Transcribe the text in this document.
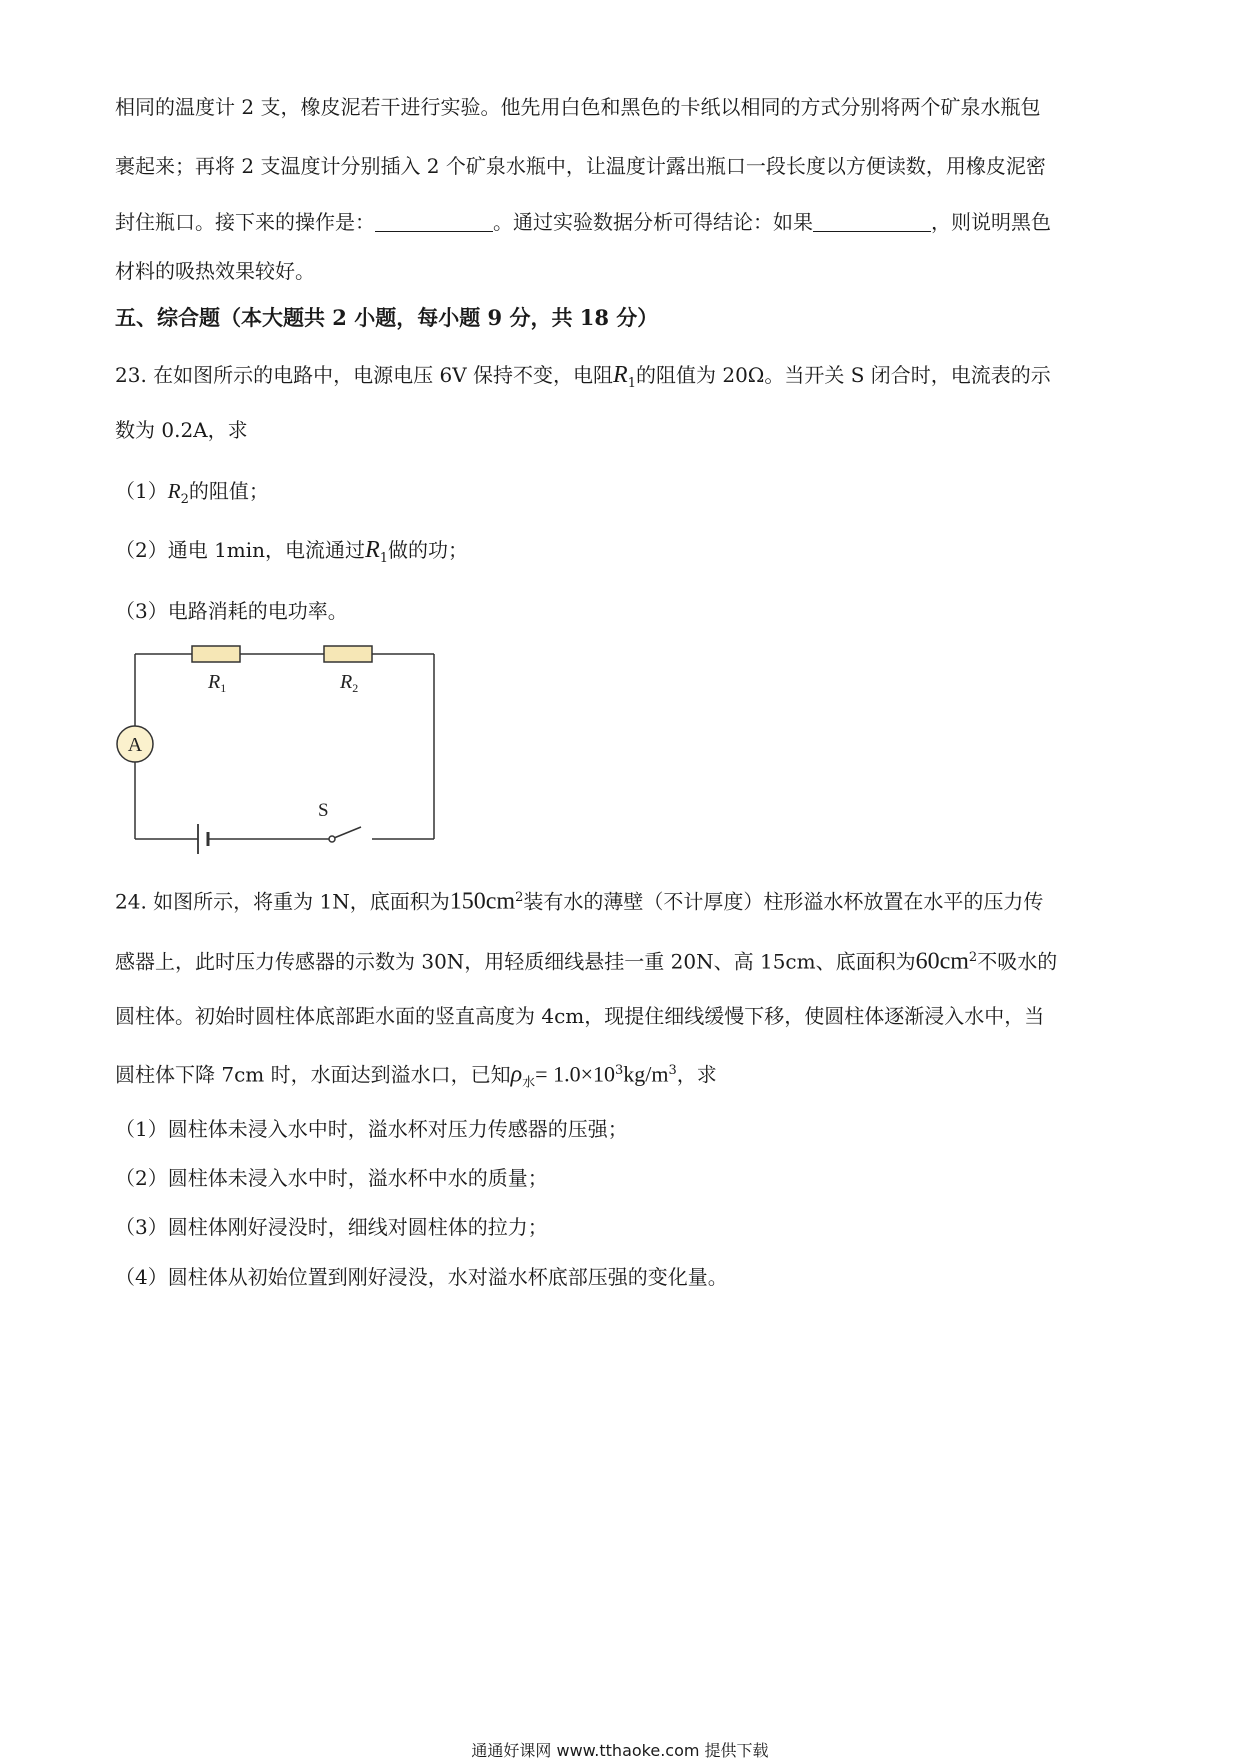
相同的温度计 2 支，橡皮泥若干进行实验。他先用白色和黑色的卡纸以相同的方式分别将两个矿泉水瓶包
裹起来；再将 2 支温度计分别插入 2 个矿泉水瓶中，让温度计露出瓶口一段长度以方便读数，用橡皮泥密
封住瓶口。接下来的操作是：	。通过实验数据分析可得结论：如果	，则说明黑色
材料的吸热效果较好。
五、综合题（本大题共 2 小题，每小题 9 分，共 18 分）
23. 在如图所示的电路中，电源电压 6V 保持不变，电阻$R_1$的阻值为 20Ω。当开关 S 闭合时，电流表的示
数为 0.2A，求
$(1)R_2$的阻值；
（2）通电 1min，电流通过$R_1$做的功；
（3）电路消耗的电功率。
A
$R_1$	$R_2$
S
24. 如图所示，将重为 1N，底面积为$150cm^2$装有水的薄壁（不计厚度）柱形溢水杯放置在水平的压力传
感器上，此时压力传感器的示数为 30N，用轻质细线悬挂一重 20N、高 15cm、底面积为$60cm^2$不吸水的
圆柱体。初始时圆柱体底部距水面的竖直高度为 4cm，现提住细线缓慢下移，使圆柱体逐渐浸入水中，当
圆柱体下降 7cm 时，水面达到溢水口，已知$\rho_水= 1.0\times 10^3kg/m^3$，求
（1）圆柱体未浸入水中时，溢水杯对压力传感器的压强；
（2）圆柱体未浸入水中时，溢水杯中水的质量；
（3）圆柱体刚好浸没时，细线对圆柱体的拉力；
（4）圆柱体从初始位置到刚好浸没，水对溢水杯底部压强的变化量。
通通好课网 www.tthaoke.com 提供下载
